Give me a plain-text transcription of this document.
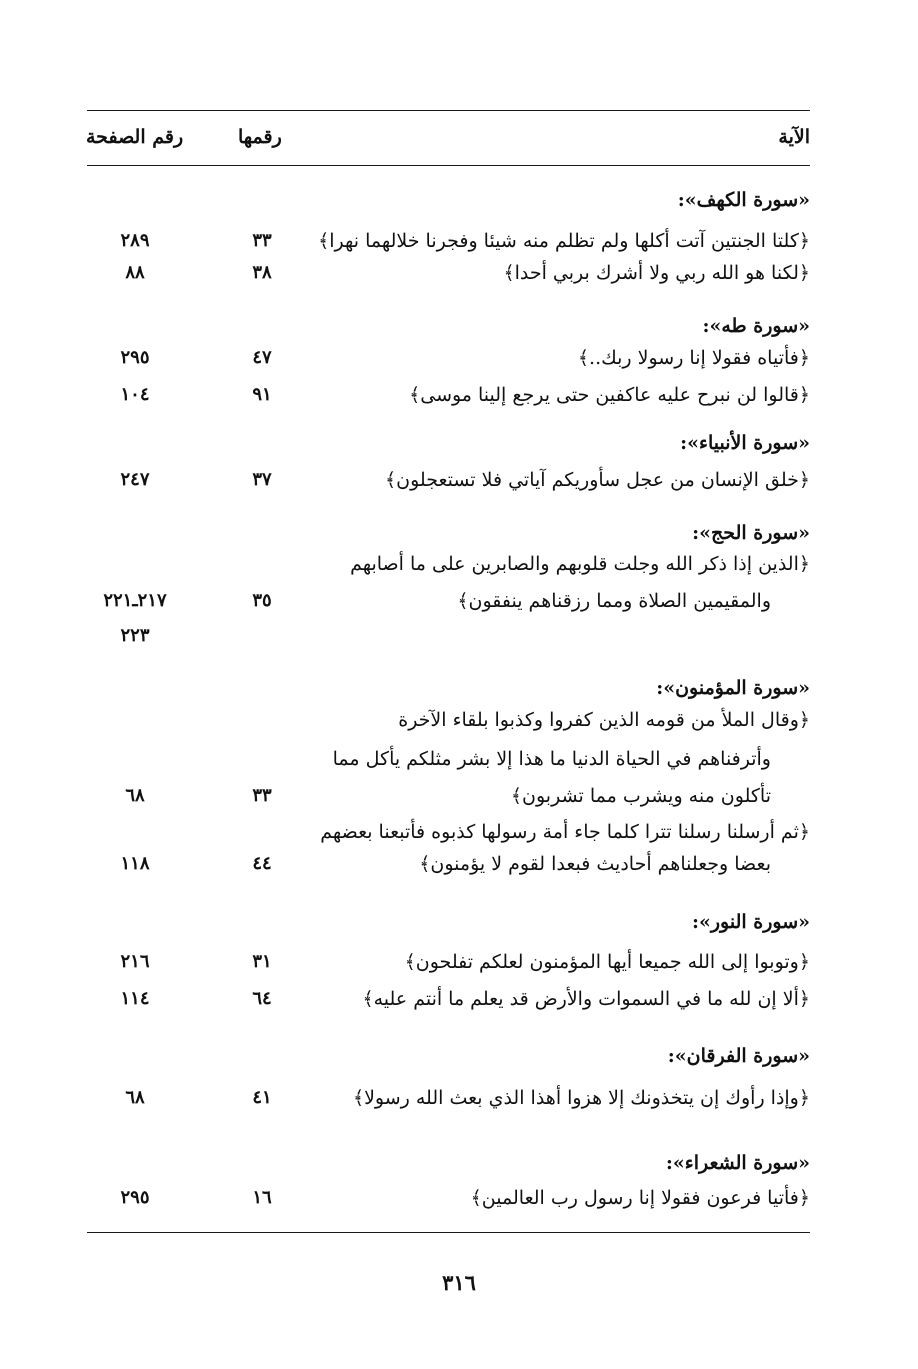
الآية
رقمها
رقم الصفحة
«سورة الكهف»:
﴿كلتا الجنتين آتت أكلها ولم تظلم منه شيئا وفجرنا خلالهما نهرا﴾
٣٣
٢٨٩
﴿لكنا هو الله ربي ولا أشرك بربي أحدا﴾
٣٨
٨٨
«سورة طه»:
﴿فأتياه فقولا إنا رسولا ربك..﴾
٤٧
٢٩٥
﴿قالوا لن نبرح عليه عاكفين حتى يرجع إلينا موسى﴾
٩١
١٠٤
«سورة الأنبياء»:
﴿خلق الإنسان من عجل سأوريكم آياتي فلا تستعجلون﴾
٣٧
٢٤٧
«سورة الحج»:
﴿الذين إذا ذكر الله وجلت قلوبهم والصابرين على ما أصابهم
والمقيمين الصلاة ومما رزقناهم ينفقون﴾
٣٥
٢١٧ـ٢٢١
٢٢٣
«سورة المؤمنون»:
﴿وقال الملأ من قومه الذين كفروا وكذبوا بلقاء الآخرة
وأترفناهم في الحياة الدنيا ما هذا إلا بشر مثلكم يأكل مما
تأكلون منه ويشرب مما تشربون﴾
٣٣
٦٨
﴿ثم أرسلنا رسلنا تترا كلما جاء أمة رسولها كذبوه فأتبعنا بعضهم
بعضا وجعلناهم أحاديث فبعدا لقوم لا يؤمنون﴾
٤٤
١١٨
«سورة النور»:
﴿وتوبوا إلى الله جميعا أيها المؤمنون لعلكم تفلحون﴾
٣١
٢١٦
﴿ألا إن لله ما في السموات والأرض قد يعلم ما أنتم عليه﴾
٦٤
١١٤
«سورة الفرقان»:
﴿وإذا رأوك إن يتخذونك إلا هزوا أهذا الذي بعث الله رسولا﴾
٤١
٦٨
«سورة الشعراء»:
﴿فأتيا فرعون فقولا إنا رسول رب العالمين﴾
١٦
٢٩٥
٣١٦
